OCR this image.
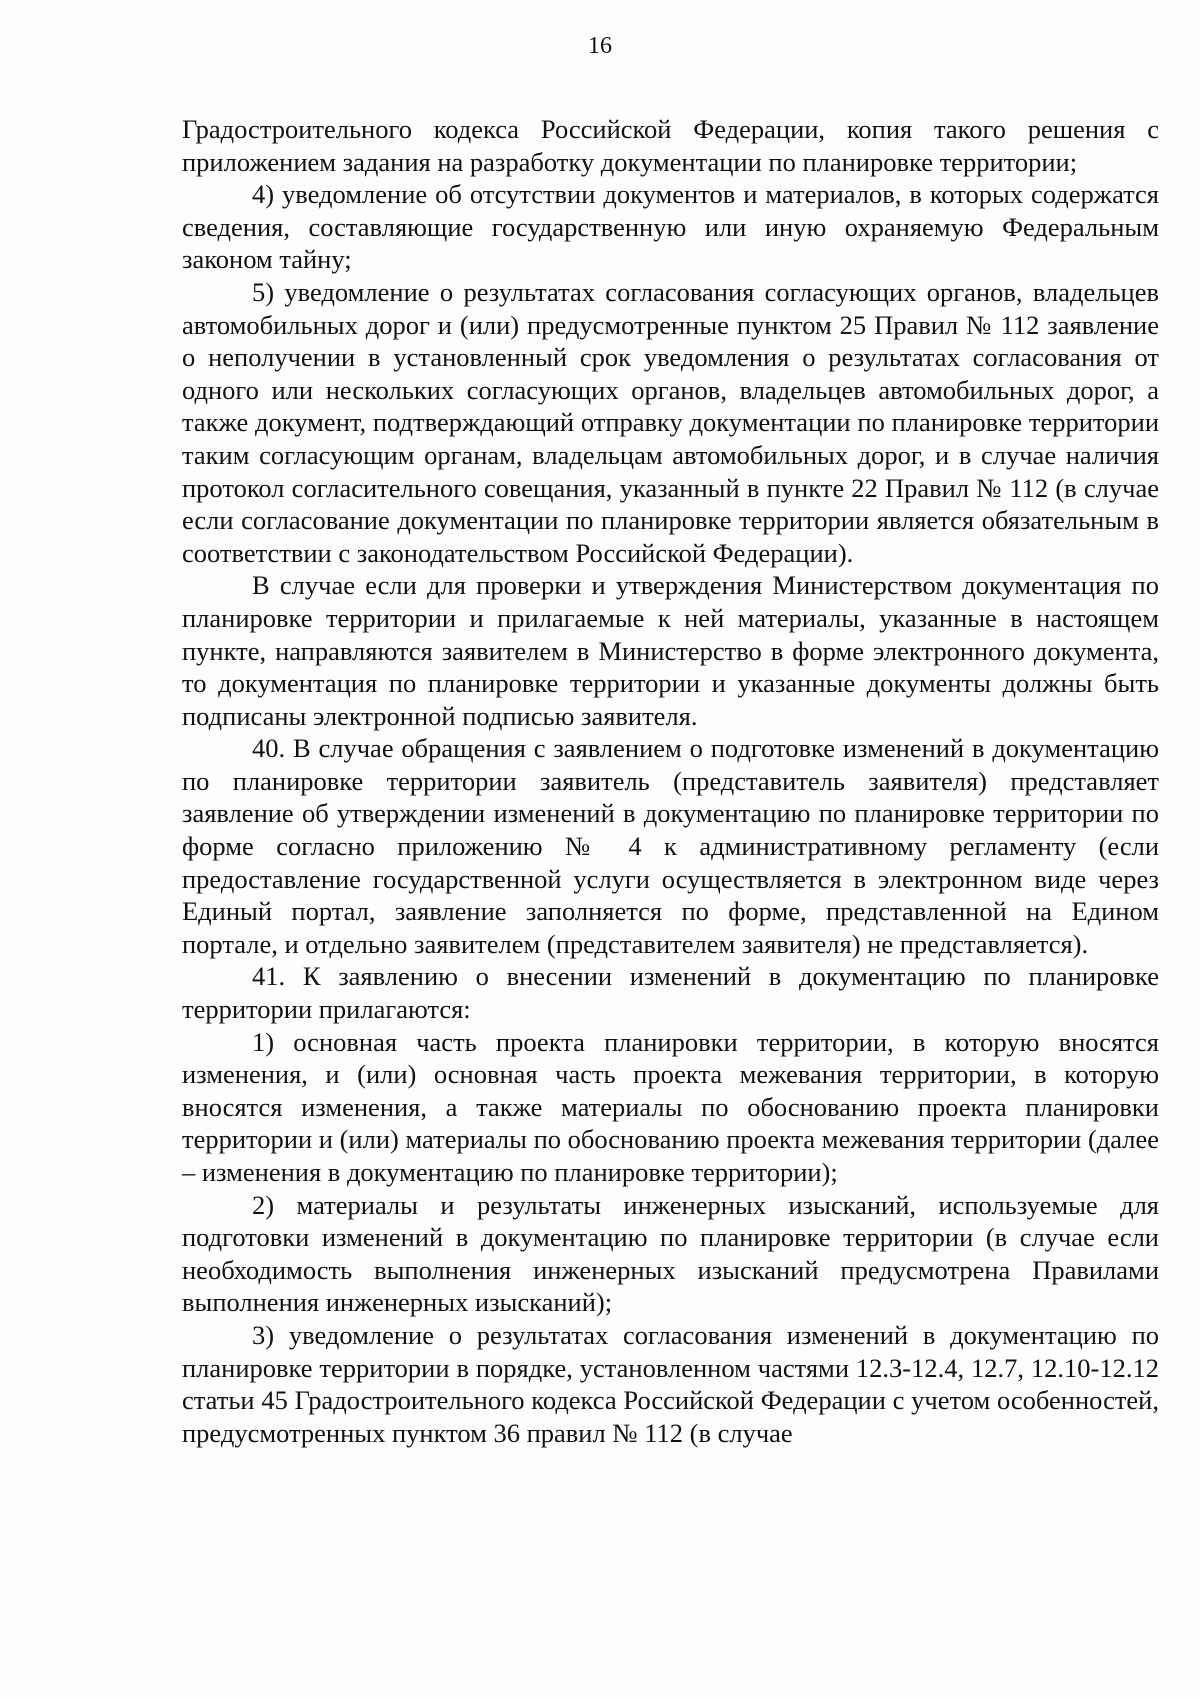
16

Градостроительного кодекса Российской Федерации, копия такого решения с приложением задания на разработку документации по планировке территории;

4) уведомление об отсутствии документов и материалов, в которых содержатся сведения, составляющие государственную или иную охраняемую Федеральным законом тайну;

5) уведомление о результатах согласования согласующих органов, владельцев автомобильных дорог и (или) предусмотренные пунктом 25 Правил № 112 заявление о неполучении в установленный срок уведомления о результатах согласования от одного или нескольких согласующих органов, владельцев автомобильных дорог, а также документ, подтверждающий отправку документации по планировке территории таким согласующим органам, владельцам автомобильных дорог, и в случае наличия протокол согласительного совещания, указанный в пункте 22 Правил № 112 (в случае если согласование документации по планировке территории является обязательным в соответствии с законодательством Российской Федерации).

В случае если для проверки и утверждения Министерством документация по планировке территории и прилагаемые к ней материалы, указанные в настоящем пункте, направляются заявителем в Министерство в форме электронного документа, то документация по планировке территории и указанные документы должны быть подписаны электронной подписью заявителя.

40. В случае обращения с заявлением о подготовке изменений в документацию по планировке территории заявитель (представитель заявителя) представляет заявление об утверждении изменений в документацию по планировке территории по форме согласно приложению № 4 к административному регламенту (если предоставление государственной услуги осуществляется в электронном виде через Единый портал, заявление заполняется по форме, представленной на Едином портале, и отдельно заявителем (представителем заявителя) не представляется).

41. К заявлению о внесении изменений в документацию по планировке территории прилагаются:

1) основная часть проекта планировки территории, в которую вносятся изменения, и (или) основная часть проекта межевания территории, в которую вносятся изменения, а также материалы по обоснованию проекта планировки территории и (или) материалы по обоснованию проекта межевания территории (далее – изменения в документацию по планировке территории);

2) материалы и результаты инженерных изысканий, используемые для подготовки изменений в документацию по планировке территории (в случае если необходимость выполнения инженерных изысканий предусмотрена Правилами выполнения инженерных изысканий);

3) уведомление о результатах согласования изменений в документацию по планировке территории в порядке, установленном частями 12.3-12.4, 12.7, 12.10-12.12 статьи 45 Градостроительного кодекса Российской Федерации с учетом особенностей, предусмотренных пунктом 36 правил № 112 (в случае
